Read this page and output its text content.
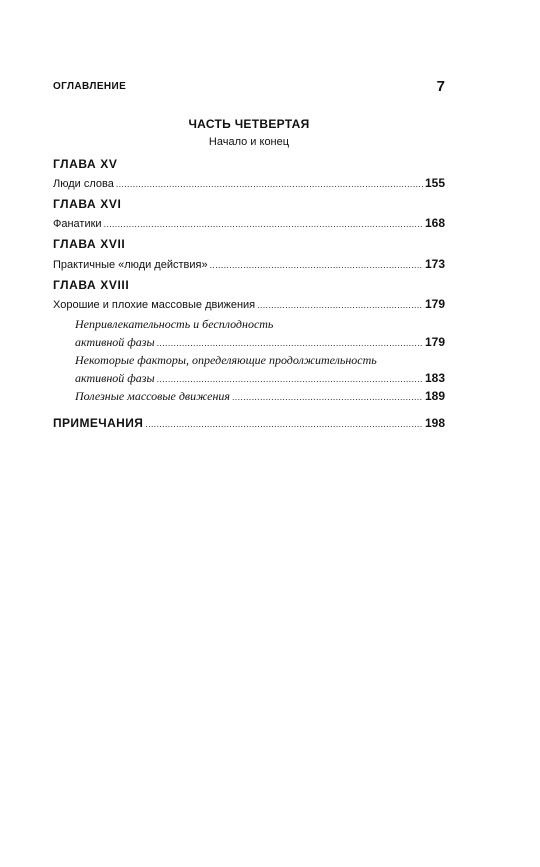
ОГЛАВЛЕНИЕ	7
ЧАСТЬ ЧЕТВЕРТАЯ
Начало и конец
ГЛАВА XV
Люди слова .....	155
ГЛАВА XVI
Фанатики .....	168
ГЛАВА XVII
Практичные «люди действия» .....	173
ГЛАВА XVIII
Хорошие и плохие массовые движения .....	179
Непривлекательность и бесплодность
активной фазы .....	179
Некоторые факторы, определяющие продолжительность
активной фазы .....	183
Полезные массовые движения .....	189
ПРИМЕЧАНИЯ .....	198
